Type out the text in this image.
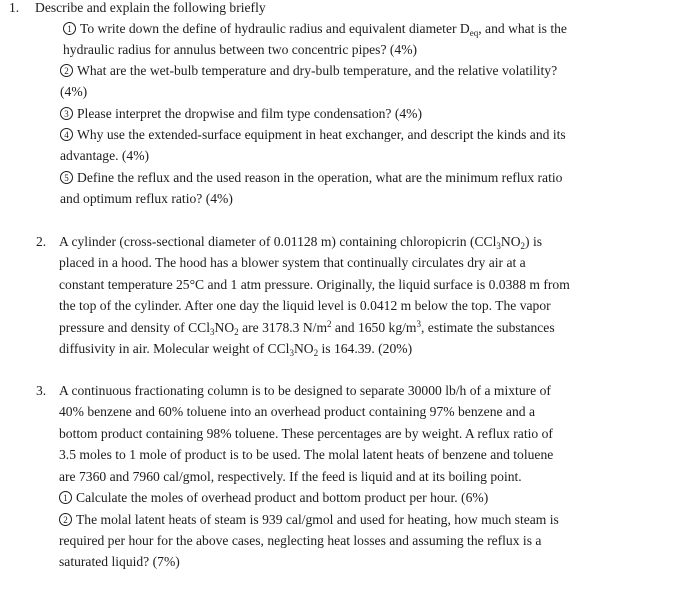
1. Describe and explain the following briefly
1 To write down the define of hydraulic radius and equivalent diameter $D_{eq}$, and what is the
hydraulic radius for annulus between two concentric pipes? (4%)
2 What are the wet-bulb temperature and dry-bulb temperature, and the relative volatility?
(4%)
3 Please interpret the dropwise and film type condensation? (4%)
4 Why use the extended-surface equipment in heat exchanger, and descript the kinds and its
advantage. (4%)
5 Define the reflux and the used reason in the operation, what are the minimum reflux ratio
and optimum reflux ratio? (4%)
2. A cylinder (cross-sectional diameter of 0.01128 m) containing chloropicrin $(CCl_3NO_2)$ is
placed in a hood. The hood has a blower system that continually circulates dry air at a
constant temperature 25°C and 1 atm pressure. Originally, the liquid surface is 0.0388 m from
the top of the cylinder. After one day the liquid level is 0.0412 m below the top. The vapor
pressure and density of $CCl_3NO_2$ are 3178.3 $N/m^2$ and 1650 $kg/m^3$, estimate the substances
diffusivity in air. Molecular weight of $CCl_3NO_2$ is 164.39. (20%)
3. A continuous fractionating column is to be designed to separate 30000 lb/h of a mixture of
40% benzene and 60% toluene into an overhead product containing 97% benzene and a
bottom product containing 98% toluene. These percentages are by weight. A reflux ratio of
3.5 moles to 1 mole of product is to be used. The molal latent heats of benzene and toluene
are 7360 and 7960 cal/gmol, respectively. If the feed is liquid and at its boiling point.
1 Calculate the moles of overhead product and bottom product per hour. (6%)
2 The molal latent heats of steam is 939 cal/gmol and used for heating, how much steam is
required per hour for the above cases, neglecting heat losses and assuming the reflux is a
saturated liquid? (7%)
